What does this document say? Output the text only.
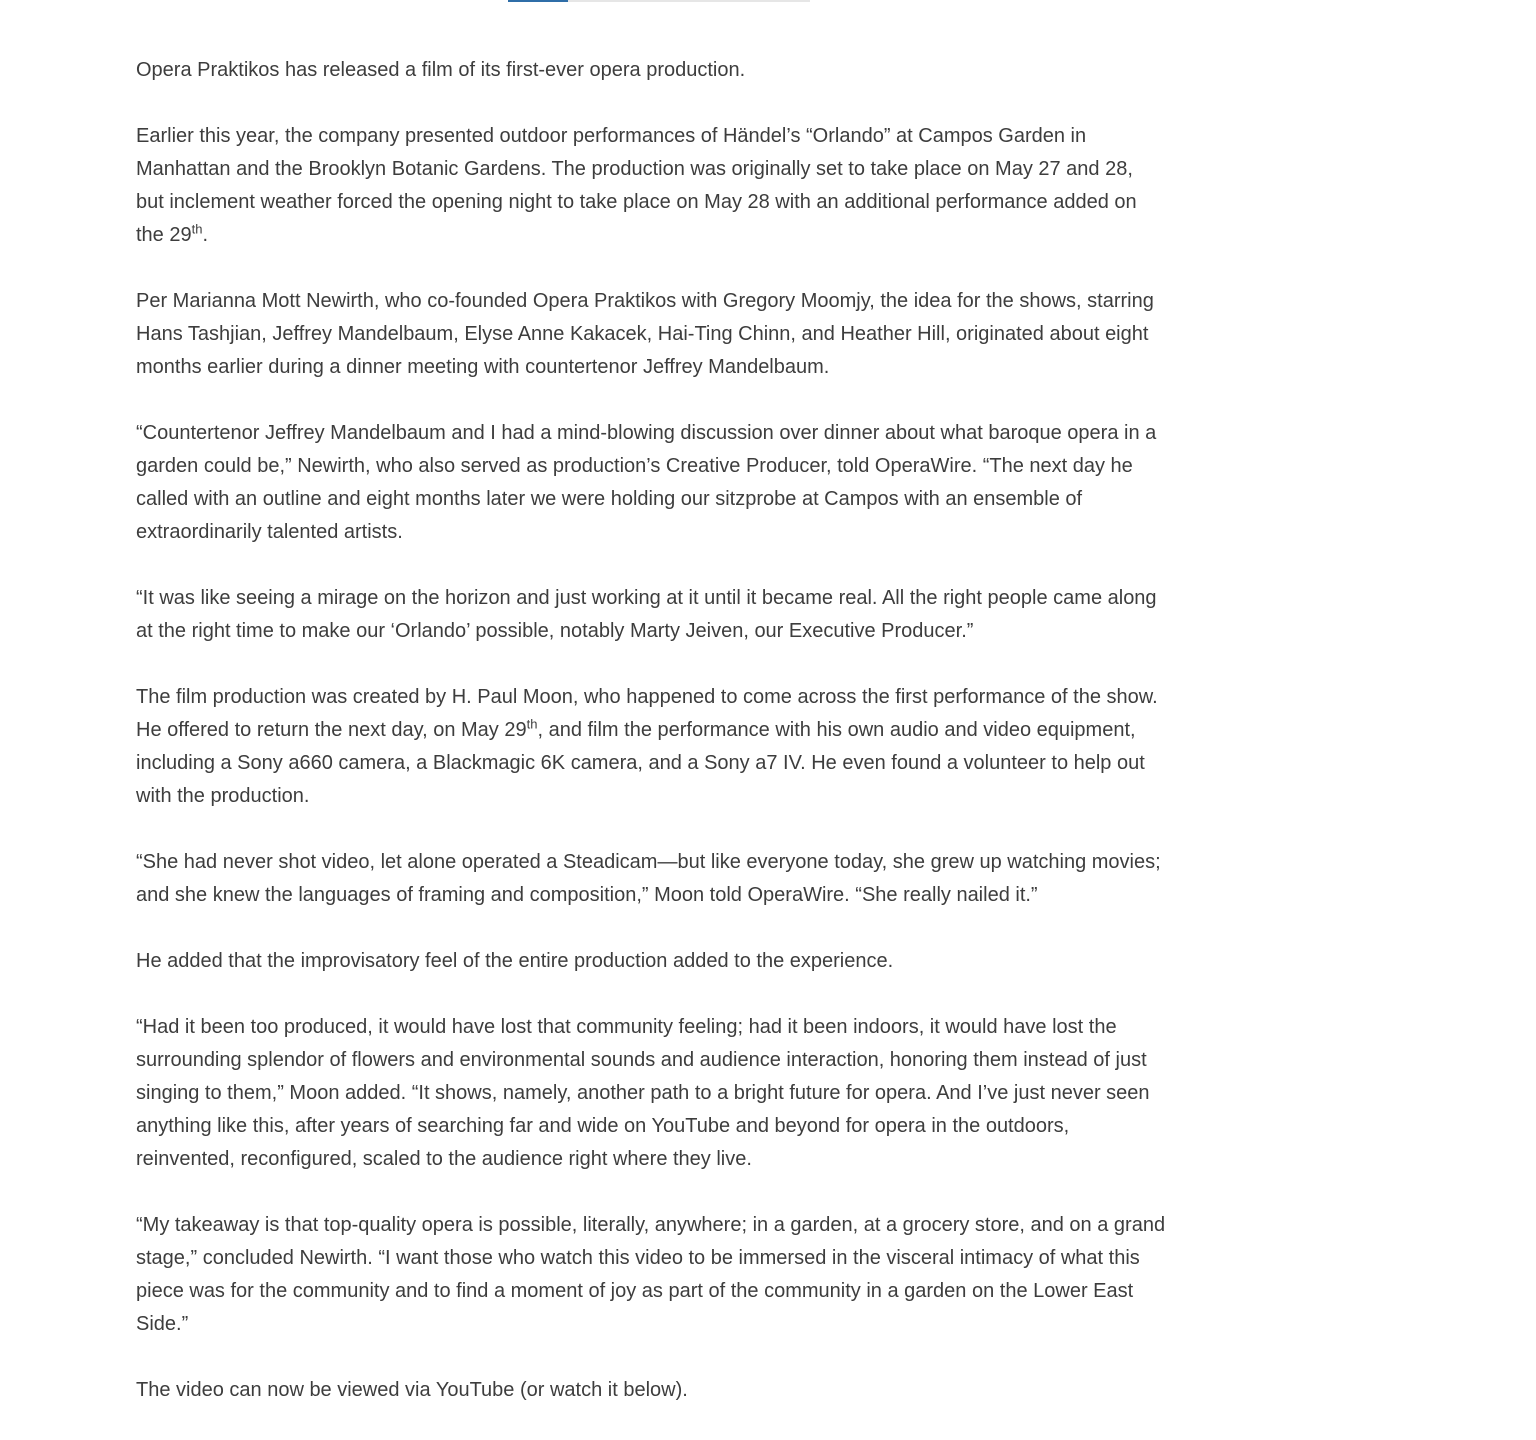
Opera Praktikos has released a film of its first-ever opera production.

Earlier this year, the company presented outdoor performances of Händel’s “Orlando” at Campos Garden in Manhattan and the Brooklyn Botanic Gardens. The production was originally set to take place on May 27 and 28, but inclement weather forced the opening night to take place on May 28 with an additional performance added on the 29th.

Per Marianna Mott Newirth, who co-founded Opera Praktikos with Gregory Moomjy, the idea for the shows, starring Hans Tashjian, Jeffrey Mandelbaum, Elyse Anne Kakacek, Hai-Ting Chinn, and Heather Hill, originated about eight months earlier during a dinner meeting with countertenor Jeffrey Mandelbaum.

“Countertenor Jeffrey Mandelbaum and I had a mind-blowing discussion over dinner about what baroque opera in a garden could be,” Newirth, who also served as production’s Creative Producer, told OperaWire. “The next day he called with an outline and eight months later we were holding our sitzprobe at Campos with an ensemble of extraordinarily talented artists.

“It was like seeing a mirage on the horizon and just working at it until it became real. All the right people came along at the right time to make our ‘Orlando’ possible, notably Marty Jeiven, our Executive Producer.”

The film production was created by H. Paul Moon, who happened to come across the first performance of the show. He offered to return the next day, on May 29th, and film the performance with his own audio and video equipment, including a Sony a660 camera, a Blackmagic 6K camera, and a Sony a7 IV. He even found a volunteer to help out with the production.

“She had never shot video, let alone operated a Steadicam—but like everyone today, she grew up watching movies; and she knew the languages of framing and composition,” Moon told OperaWire. “She really nailed it.”

He added that the improvisatory feel of the entire production added to the experience.

“Had it been too produced, it would have lost that community feeling; had it been indoors, it would have lost the surrounding splendor of flowers and environmental sounds and audience interaction, honoring them instead of just singing to them,” Moon added. “It shows, namely, another path to a bright future for opera. And I’ve just never seen anything like this, after years of searching far and wide on YouTube and beyond for opera in the outdoors, reinvented, reconfigured, scaled to the audience right where they live.

“My takeaway is that top-quality opera is possible, literally, anywhere; in a garden, at a grocery store, and on a grand stage,” concluded Newirth. “I want those who watch this video to be immersed in the visceral intimacy of what this piece was for the community and to find a moment of joy as part of the community in a garden on the Lower East Side.”

The video can now be viewed via YouTube (or watch it below).
